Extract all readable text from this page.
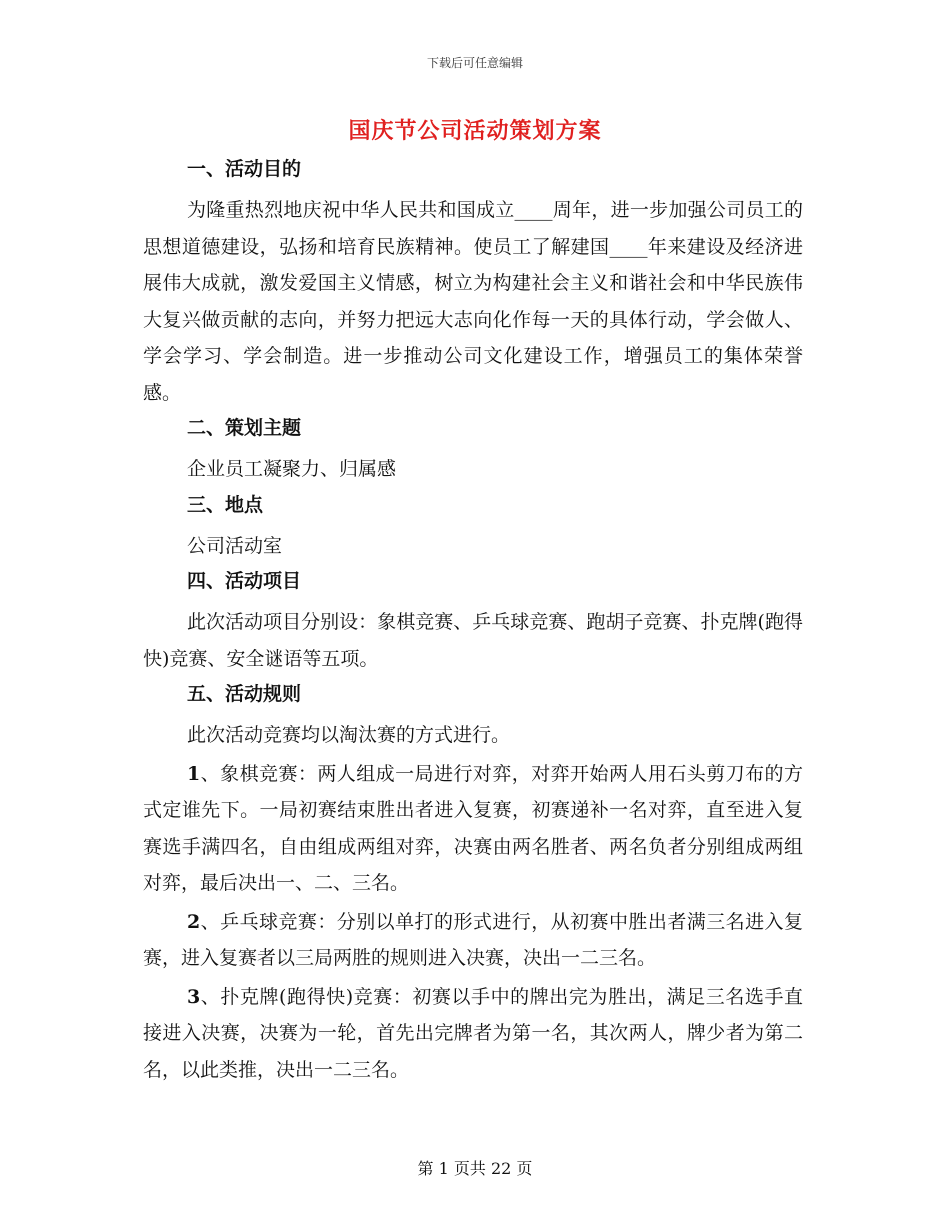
下载后可任意编辑
国庆节公司活动策划方案
一、活动目的

为隆重热烈地庆祝中华人民共和国成立____周年，进一步加强公司员工的思想道德建设，弘扬和培育民族精神。使员工了解建国____年来建设及经济进展伟大成就，激发爱国主义情感，树立为构建社会主义和谐社会和中华民族伟大复兴做贡献的志向，并努力把远大志向化作每一天的具体行动，学会做人、学会学习、学会制造。进一步推动公司文化建设工作，增强员工的集体荣誉感。

二、策划主题

企业员工凝聚力、归属感

三、地点

公司活动室

四、活动项目

此次活动项目分别设：象棋竞赛、乒乓球竞赛、跑胡子竞赛、扑克牌(跑得快)竞赛、安全谜语等五项。

五、活动规则

此次活动竞赛均以淘汰赛的方式进行。

1、象棋竞赛：两人组成一局进行对弈，对弈开始两人用石头剪刀布的方式定谁先下。一局初赛结束胜出者进入复赛，初赛递补一名对弈，直至进入复赛选手满四名，自由组成两组对弈，决赛由两名胜者、两名负者分别组成两组对弈，最后决出一、二、三名。

2、乒乓球竞赛：分别以单打的形式进行，从初赛中胜出者满三名进入复赛，进入复赛者以三局两胜的规则进入决赛，决出一二三名。

3、扑克牌(跑得快)竞赛：初赛以手中的牌出完为胜出，满足三名选手直接进入决赛，决赛为一轮，首先出完牌者为第一名，其次两人，牌少者为第二名，以此类推，决出一二三名。

第 1 页共 22 页
